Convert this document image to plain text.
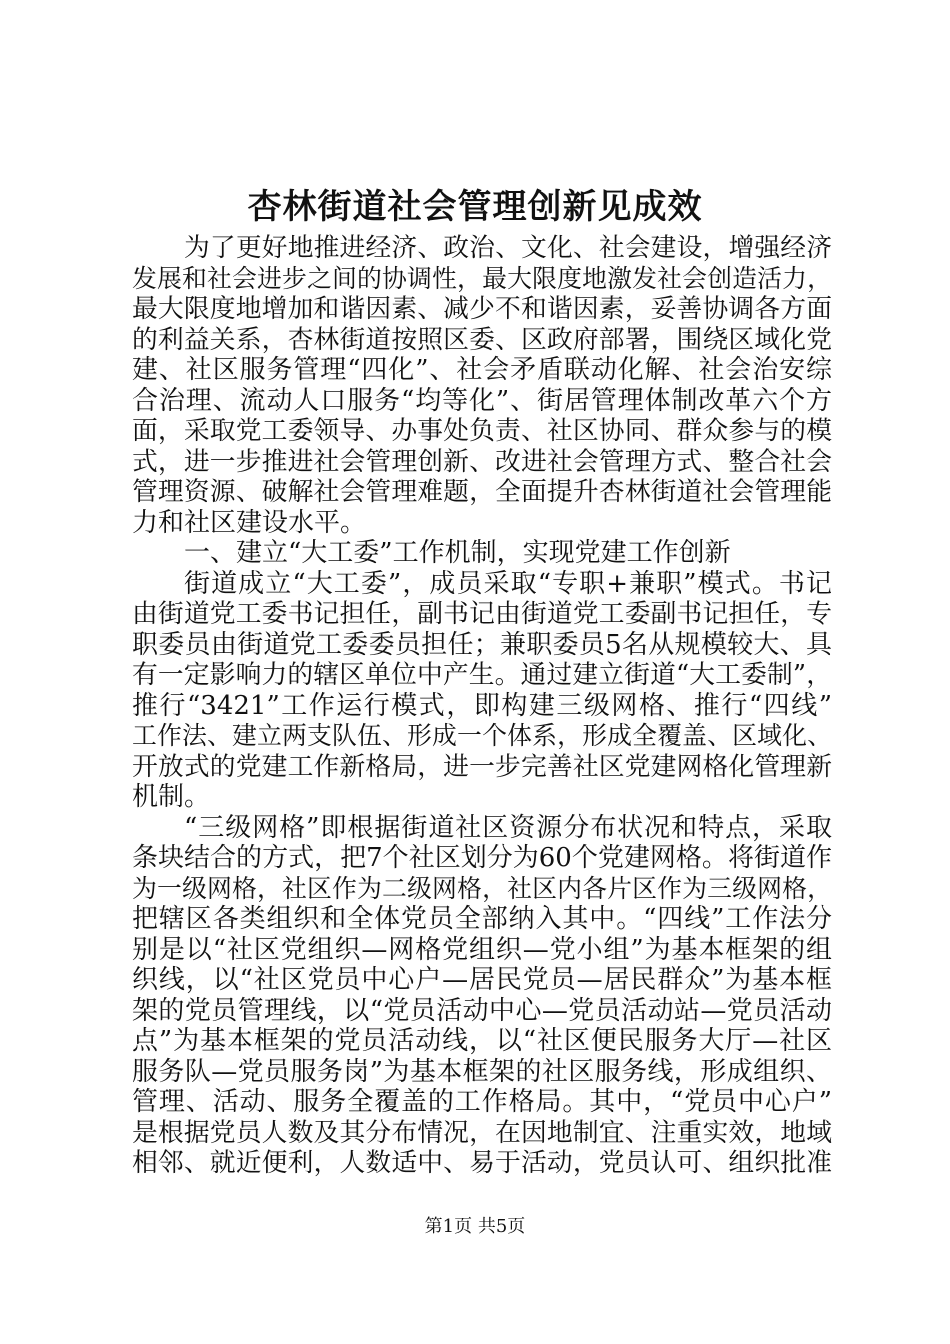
杏林街道社会管理创新见成效
为了更好地推进经济、政治、文化、社会建设，增强经济
发展和社会进步之间的协调性，最大限度地激发社会创造活力，
最大限度地增加和谐因素、减少不和谐因素，妥善协调各方面
的利益关系，杏林街道按照区委、区政府部署，围绕区域化党
建、社区服务管理“四化”、社会矛盾联动化解、社会治安综
合治理、流动人口服务“均等化”、街居管理体制改革六个方
面，采取党工委领导、办事处负责、社区协同、群众参与的模
式，进一步推进社会管理创新、改进社会管理方式、整合社会
管理资源、破解社会管理难题，全面提升杏林街道社会管理能
力和社区建设水平。
一、建立“大工委”工作机制，实现党建工作创新
街道成立“大工委”，成员采取“专职+兼职”模式。书记
由街道党工委书记担任，副书记由街道党工委副书记担任，专
职委员由街道党工委委员担任；兼职委员5名从规模较大、具
有一定影响力的辖区单位中产生。通过建立街道“大工委制”，
推行“3421”工作运行模式，即构建三级网格、推行“四线”
工作法、建立两支队伍、形成一个体系，形成全覆盖、区域化、
开放式的党建工作新格局，进一步完善社区党建网格化管理新
机制。
“三级网格”即根据街道社区资源分布状况和特点，采取
条块结合的方式，把7个社区划分为60个党建网格。将街道作
为一级网格，社区作为二级网格，社区内各片区作为三级网格，
把辖区各类组织和全体党员全部纳入其中。“四线”工作法分
别是以“社区党组织—网格党组织—党小组”为基本框架的组
织线，以“社区党员中心户—居民党员—居民群众”为基本框
架的党员管理线，以“党员活动中心—党员活动站—党员活动
点”为基本框架的党员活动线，以“社区便民服务大厅—社区
服务队—党员服务岗”为基本框架的社区服务线，形成组织、
管理、活动、服务全覆盖的工作格局。其中，“党员中心户”
是根据党员人数及其分布情况，在因地制宜、注重实效，地域
相邻、就近便利，人数适中、易于活动，党员认可、组织批准
第1页 共5页
